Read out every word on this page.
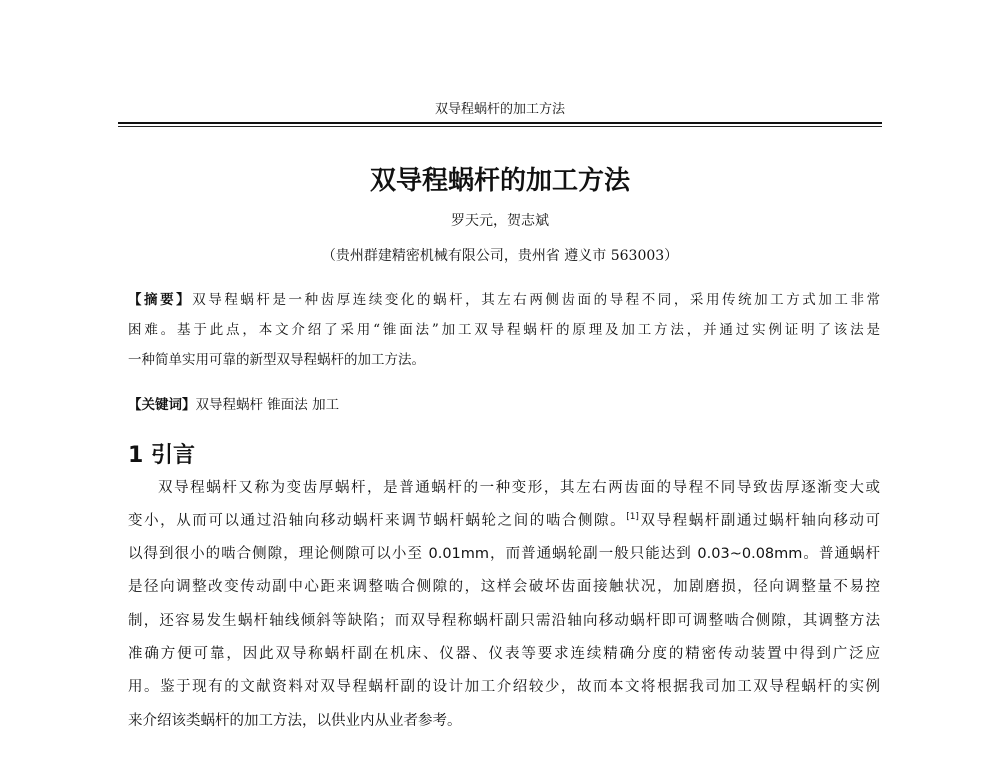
双导程蜗杆的加工方法
双导程蜗杆的加工方法
罗天元，贺志斌
（贵州群建精密机械有限公司，贵州省 遵义市 563003）
【摘要】双导程蜗杆是一种齿厚连续变化的蜗杆，其左右两侧齿面的导程不同，采用传统加工方式加工非常
困难。基于此点，本文介绍了采用“锥面法”加工双导程蜗杆的原理及加工方法，并通过实例证明了该法是
一种简单实用可靠的新型双导程蜗杆的加工方法。
【关键词】双导程蜗杆 锥面法 加工
1 引言
双导程蜗杆又称为变齿厚蜗杆，是普通蜗杆的一种变形，其左右两齿面的导程不同导致齿厚逐渐变大或
变小，从而可以通过沿轴向移动蜗杆来调节蜗杆蜗轮之间的啮合侧隙。[1]双导程蜗杆副通过蜗杆轴向移动可
以得到很小的啮合侧隙，理论侧隙可以小至 0.01mm，而普通蜗轮副一般只能达到 0.03~0.08mm。普通蜗杆
是径向调整改变传动副中心距来调整啮合侧隙的，这样会破坏齿面接触状况，加剧磨损，径向调整量不易控
制，还容易发生蜗杆轴线倾斜等缺陷；而双导程称蜗杆副只需沿轴向移动蜗杆即可调整啮合侧隙，其调整方法
准确方便可靠，因此双导称蜗杆副在机床、仪器、仪表等要求连续精确分度的精密传动装置中得到广泛应
用。鉴于现有的文献资料对双导程蜗杆副的设计加工介绍较少，故而本文将根据我司加工双导程蜗杆的实例
来介绍该类蜗杆的加工方法，以供业内从业者参考。
